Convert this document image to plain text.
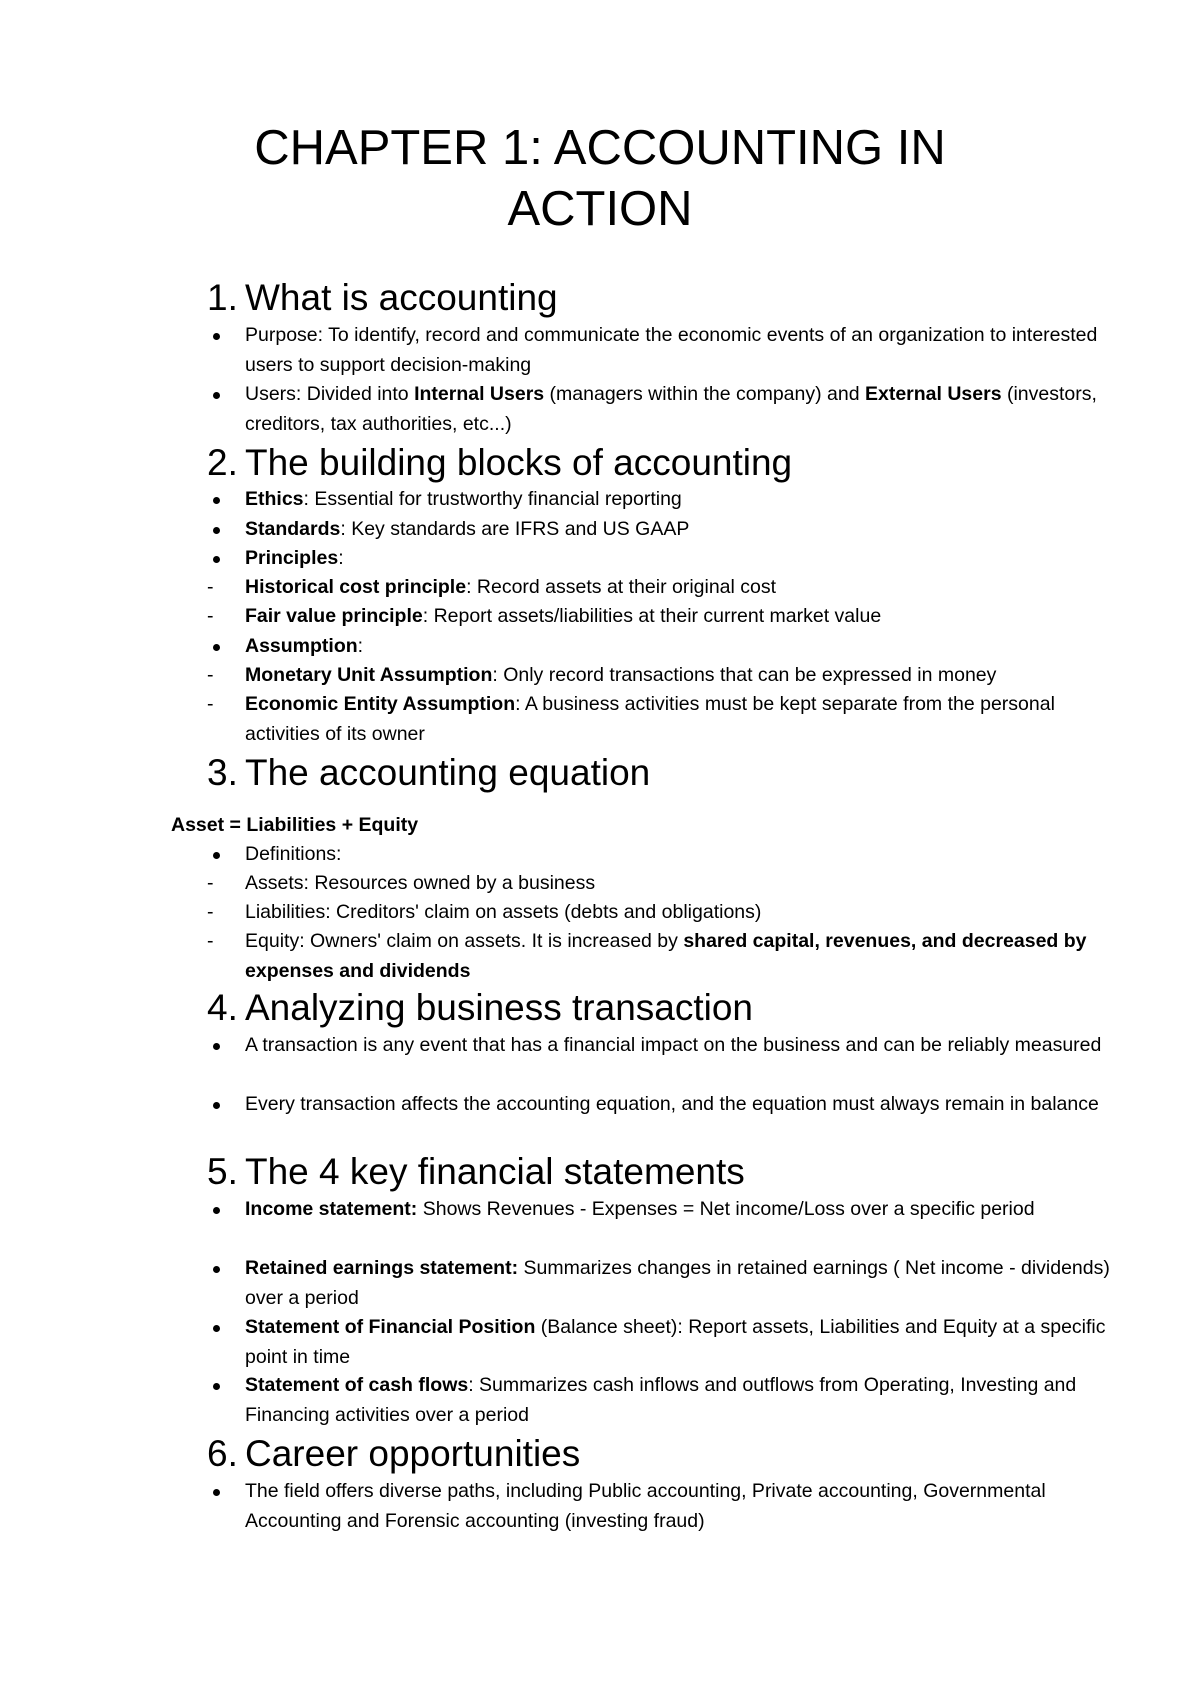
CHAPTER 1: ACCOUNTING IN
ACTION
1. What is accounting

Purpose: To identify, record and communicate the economic events of an organization to interested users to support decision-making

Users: Divided into Internal Users (managers within the company) and External Users (investors, creditors, tax authorities, etc...)

2. The building blocks of accounting

Ethics: Essential for trustworthy financial reporting

Standards: Key standards are IFRS and US GAAP

Principles:

Historical cost principle: Record assets at their original cost

Fair value principle: Report assets/liabilities at their current market value

Assumption:

Monetary Unit Assumption: Only record transactions that can be expressed in money

Economic Entity Assumption: A business activities must be kept separate from the personal activities of its owner

3. The accounting equation

Asset = Liabilities + Equity

Definitions:

Assets: Resources owned by a business

Liabilities: Creditors' claim on assets (debts and obligations)

Equity: Owners' claim on assets. It is increased by shared capital, revenues, and decreased by expenses and dividends

4. Analyzing business transaction

A transaction is any event that has a financial impact on the business and can be reliably measured

Every transaction affects the accounting equation, and the equation must always remain in balance

5. The 4 key financial statements

Income statement: Shows Revenues - Expenses = Net income/Loss over a specific period

Retained earnings statement: Summarizes changes in retained earnings ( Net income - dividends) over a period

Statement of Financial Position (Balance sheet): Report assets, Liabilities and Equity at a specific point in time

Statement of cash flows: Summarizes cash inflows and outflows from Operating, Investing and Financing activities over a period

6. Career opportunities

The field offers diverse paths, including Public accounting, Private accounting, Governmental Accounting and Forensic accounting (investing fraud)
